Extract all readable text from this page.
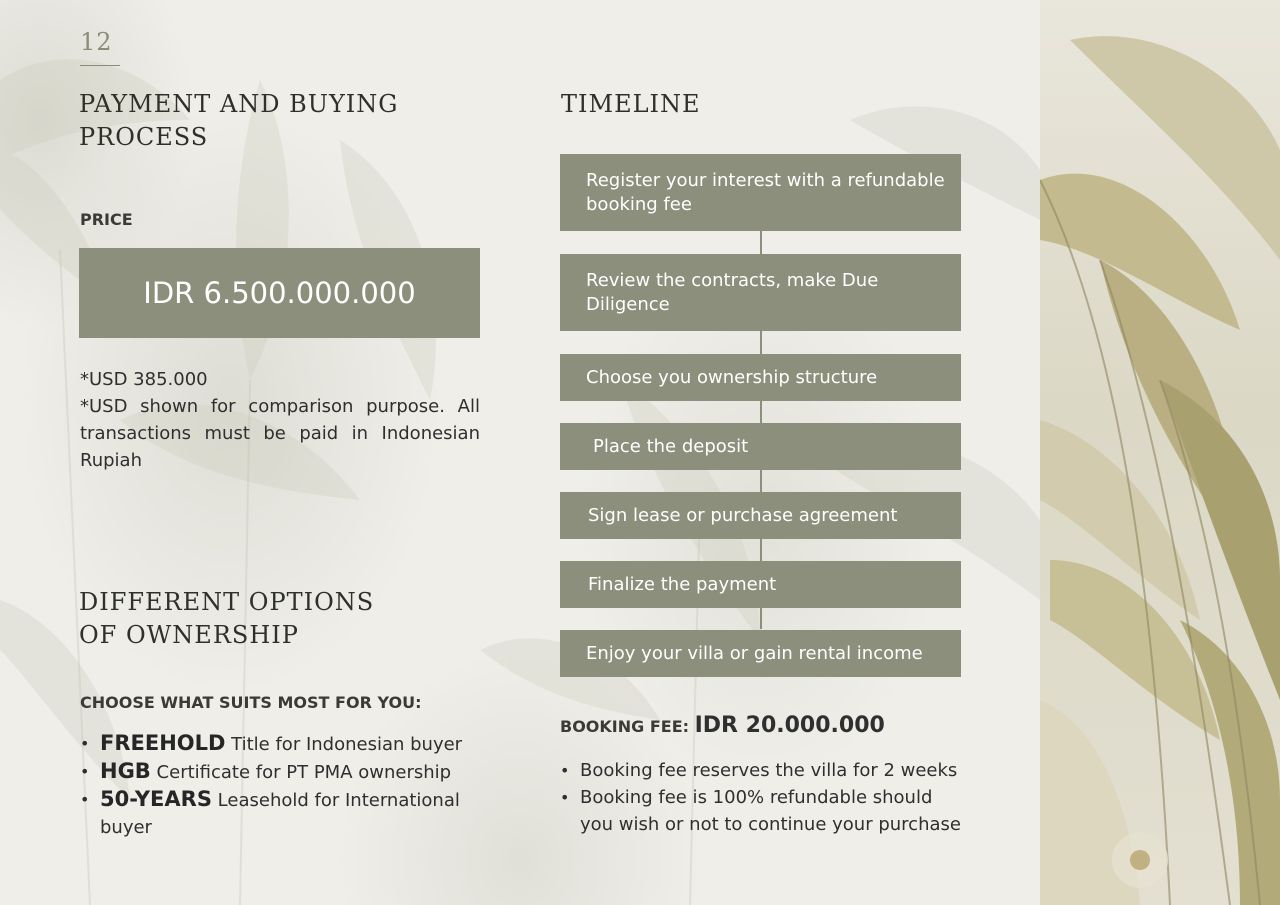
12
PAYMENT AND BUYING
PROCESS
PRICE
IDR 6.500.000.000

*USD 385.000

*USD shown for comparison purpose. All transactions must be paid in Indonesian Rupiah

DIFFERENT OPTIONS
OF OWNERSHIP
CHOOSE WHAT SUITS MOST FOR YOU:
• FREEHOLD Title for Indonesian buyer
• HGB Certificate for PT PMA ownership
• 50-YEARS Leasehold for International buyer
TIMELINE
Register your interest with a refundable booking fee
Review the contracts, make Due Diligence
Choose you ownership structure
Place the deposit
Sign lease or purchase agreement
Finalize the payment
Enjoy your villa or gain rental income
BOOKING FEE: IDR 20.000.000
• Booking fee reserves the villa for 2 weeks
• Booking fee is 100% refundable should you wish or not to continue your purchase
